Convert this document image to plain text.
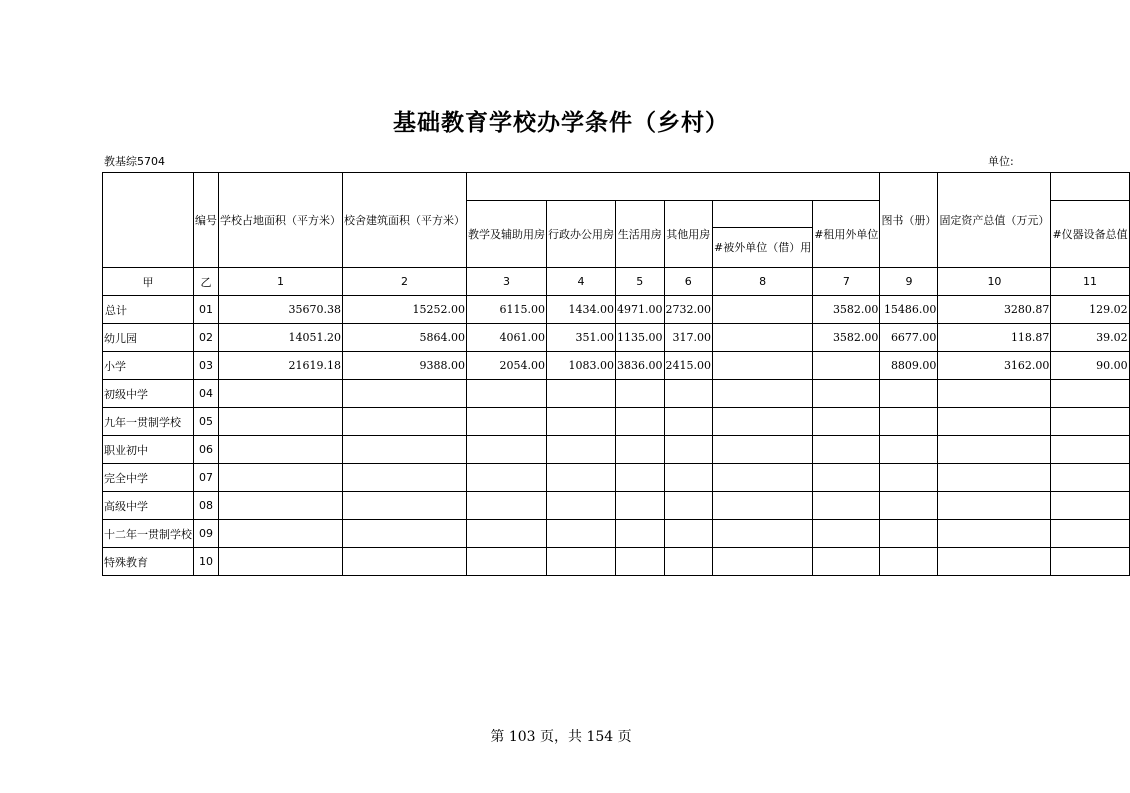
基础教育学校办学条件（乡村）
教基综5704	单位:
	编号	学校占地面积（平方米）	校舍建筑面积（平方米）							图书（册）	固定资产总值（万元）	
				教学及辅助用房	行政办公用房	生活用房	其他用房		#租用外单位			#仪器设备总值
								#被外单位（借）用				
甲	乙	1	2	3	4	5	6	8	7	9	10	11
总计	01	35670.38	15252.00	6115.00	1434.00	4971.00	2732.00		3582.00	15486.00	3280.87	129.02
幼儿园	02	14051.20	5864.00	4061.00	351.00	1135.00	317.00		3582.00	6677.00	118.87	39.02
小学	03	21619.18	9388.00	2054.00	1083.00	3836.00	2415.00			8809.00	3162.00	90.00
初级中学	04											
九年一贯制学校	05											
职业初中	06											
完全中学	07											
高级中学	08											
十二年一贯制学校	09											
特殊教育	10											
第 103 页，共 154 页
